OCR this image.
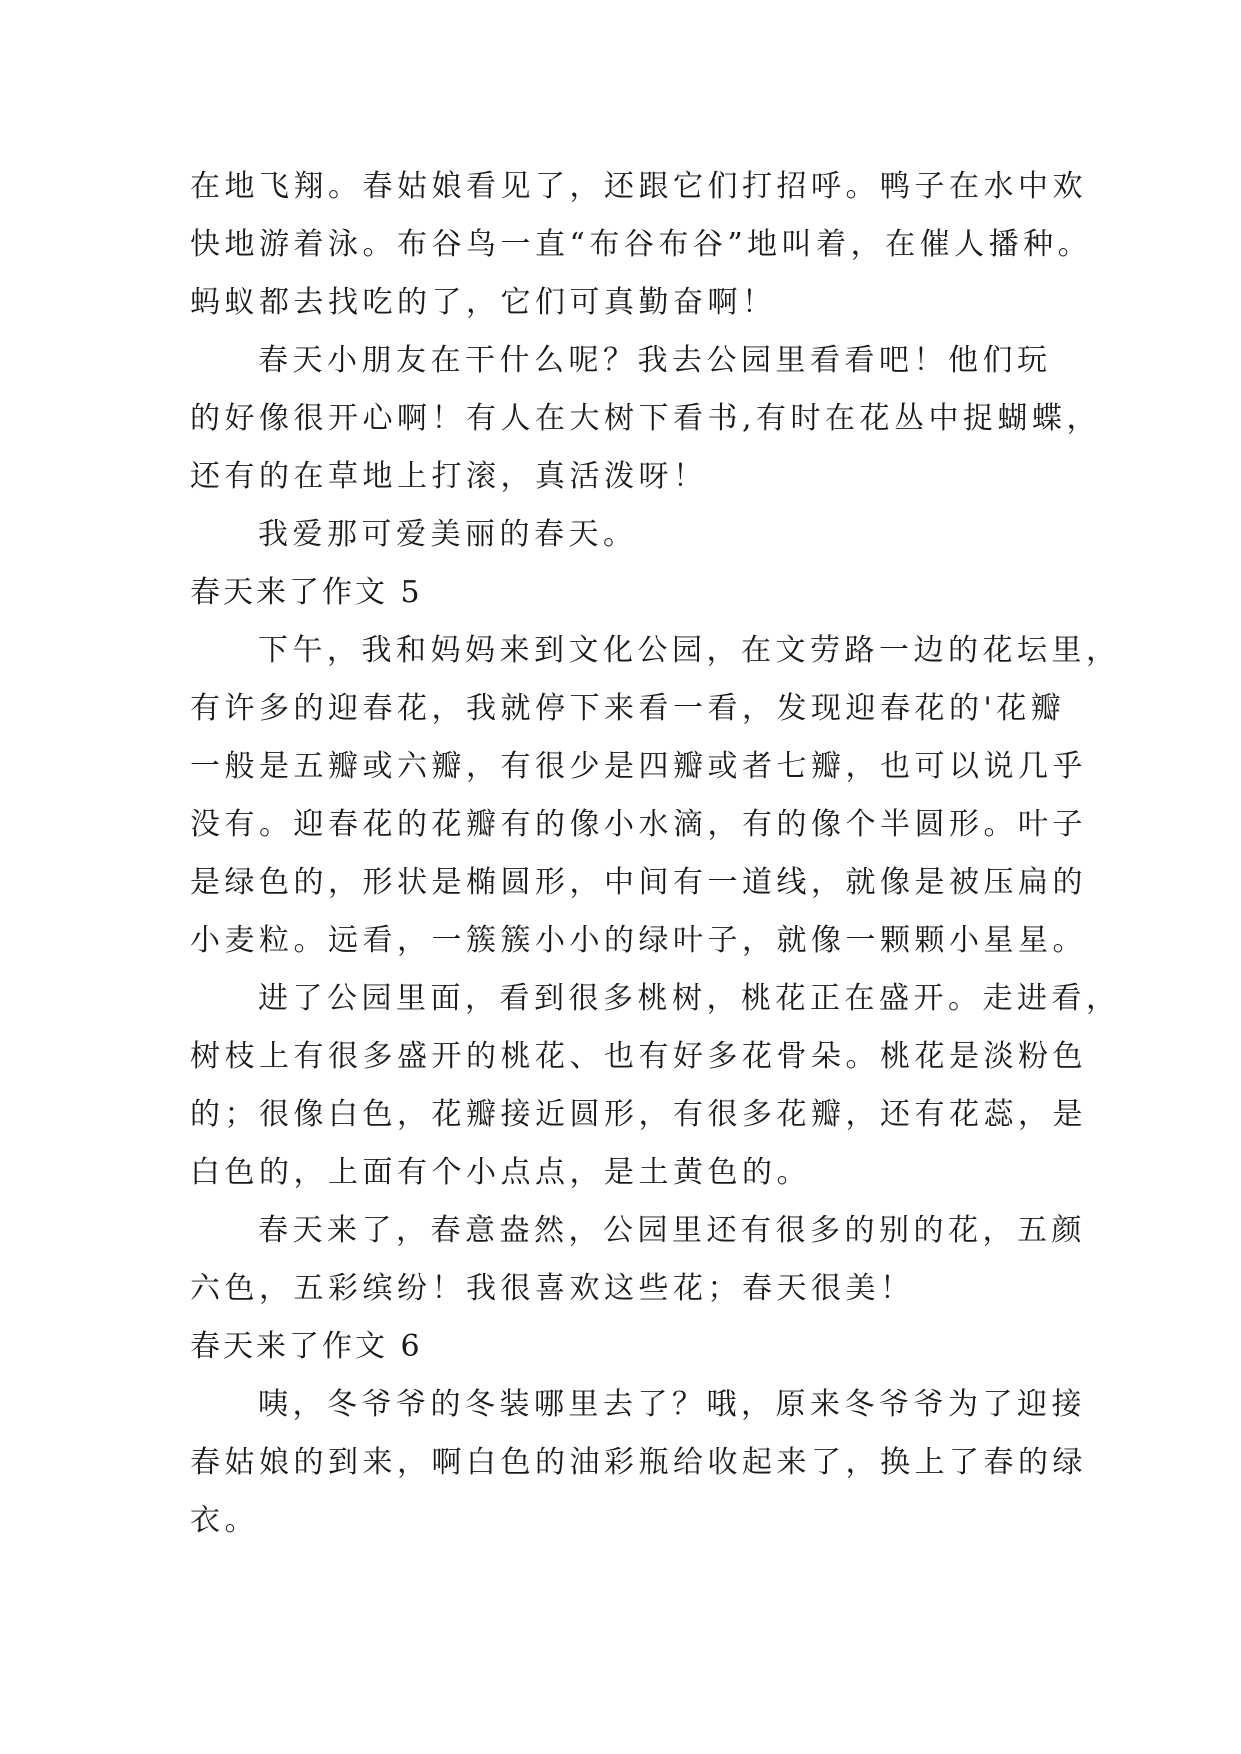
在地飞翔。春姑娘看见了，还跟它们打招呼。鸭子在水中欢
快地游着泳。布谷鸟一直“布谷布谷”地叫着，在催人播种。
蚂蚁都去找吃的了，它们可真勤奋啊！
春天小朋友在干什么呢？我去公园里看看吧！他们玩
的好像很开心啊！有人在大树下看书,有时在花丛中捉蝴蝶，
还有的在草地上打滚，真活泼呀！
我爱那可爱美丽的春天。
春天来了作文 5
下午，我和妈妈来到文化公园，在文劳路一边的花坛里，
有许多的迎春花，我就停下来看一看，发现迎春花的'花瓣
一般是五瓣或六瓣，有很少是四瓣或者七瓣，也可以说几乎
没有。迎春花的花瓣有的像小水滴，有的像个半圆形。叶子
是绿色的，形状是椭圆形，中间有一道线，就像是被压扁的
小麦粒。远看，一簇簇小小的绿叶子，就像一颗颗小星星。
进了公园里面，看到很多桃树，桃花正在盛开。走进看，
树枝上有很多盛开的桃花、也有好多花骨朵。桃花是淡粉色
的；很像白色，花瓣接近圆形，有很多花瓣，还有花蕊，是
白色的，上面有个小点点，是土黄色的。
春天来了，春意盎然，公园里还有很多的别的花，五颜
六色，五彩缤纷！我很喜欢这些花；春天很美！
春天来了作文 6
咦，冬爷爷的冬装哪里去了？哦，原来冬爷爷为了迎接
春姑娘的到来，啊白色的油彩瓶给收起来了，换上了春的绿
衣。
